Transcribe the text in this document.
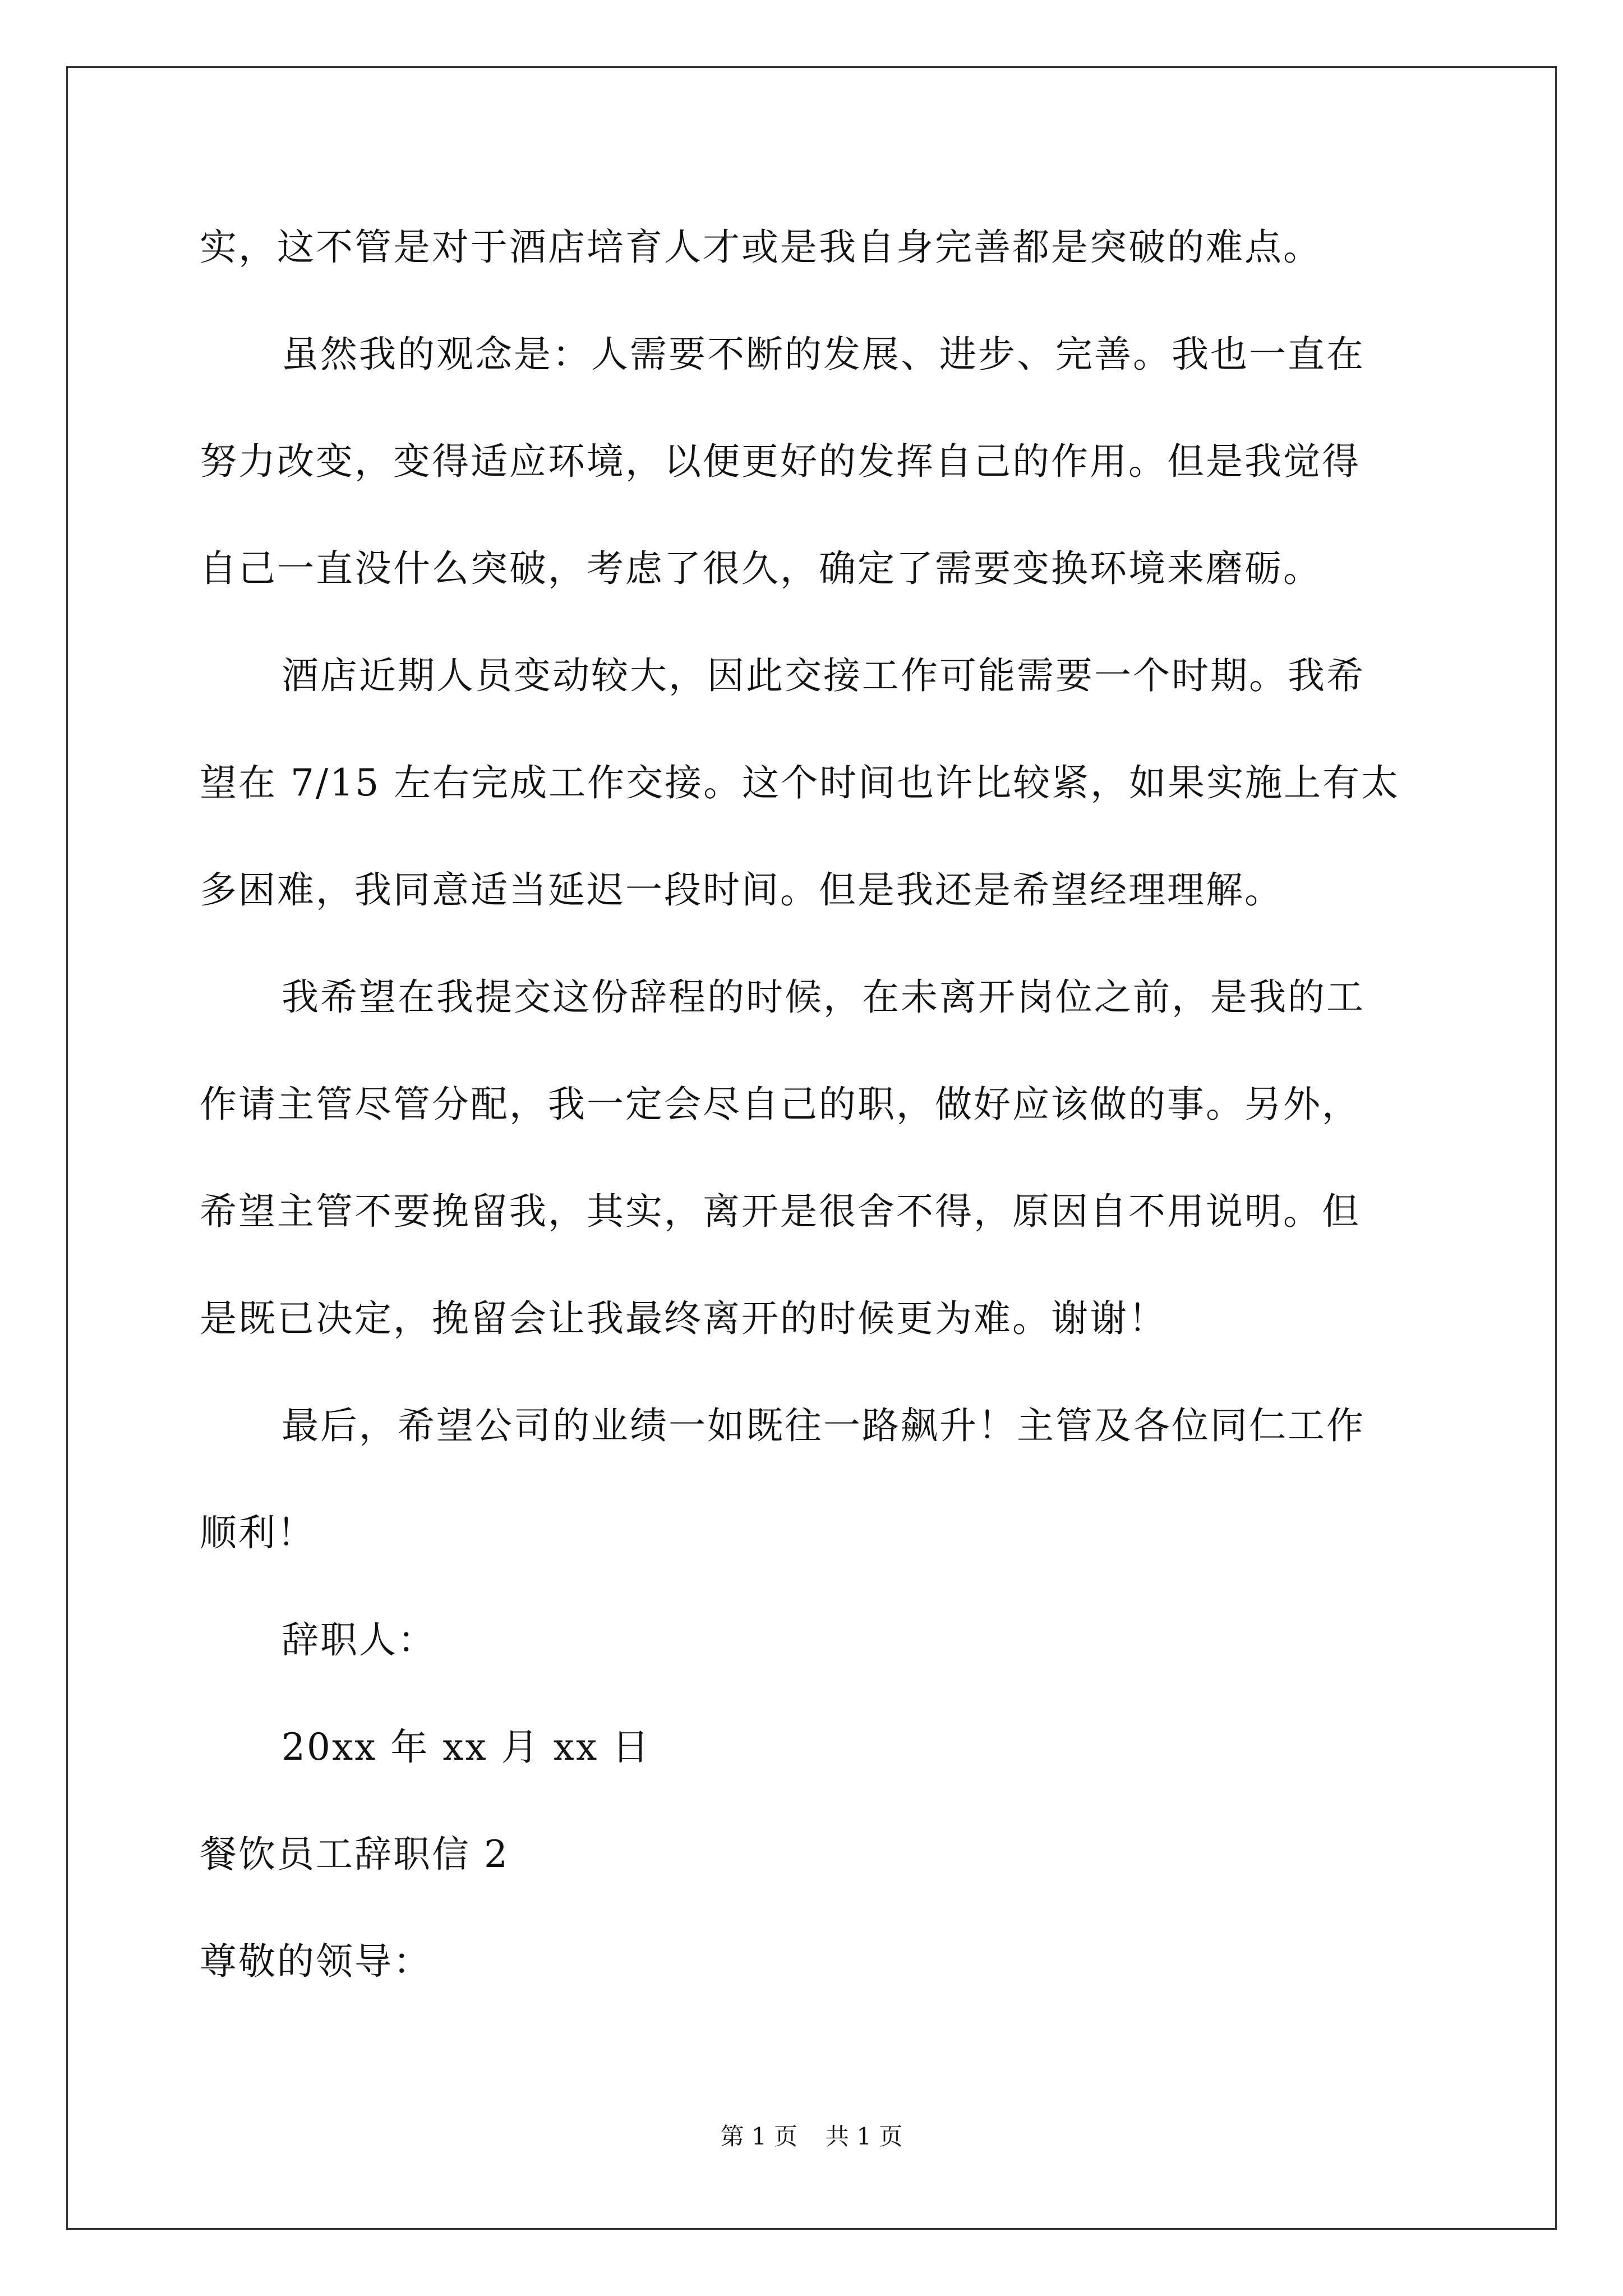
实，这不管是对于酒店培育人才或是我自身完善都是突破的难点。
虽然我的观念是：人需要不断的发展、进步、完善。我也一直在
努力改变，变得适应环境，以便更好的发挥自己的作用。但是我觉得
自己一直没什么突破，考虑了很久，确定了需要变换环境来磨砺。
酒店近期人员变动较大，因此交接工作可能需要一个时期。我希
望在 7/15 左右完成工作交接。这个时间也许比较紧，如果实施上有太
多困难，我同意适当延迟一段时间。但是我还是希望经理理解。
我希望在我提交这份辞程的时候，在未离开岗位之前，是我的工
作请主管尽管分配，我一定会尽自己的职，做好应该做的事。另外，
希望主管不要挽留我，其实，离开是很舍不得，原因自不用说明。但
是既已决定，挽留会让我最终离开的时候更为难。谢谢！
最后，希望公司的业绩一如既往一路飙升！主管及各位同仁工作
顺利！
辞职人：
20xx 年 xx 月 xx 日
餐饮员工辞职信 2
尊敬的领导：
第 1 页 共 1 页
